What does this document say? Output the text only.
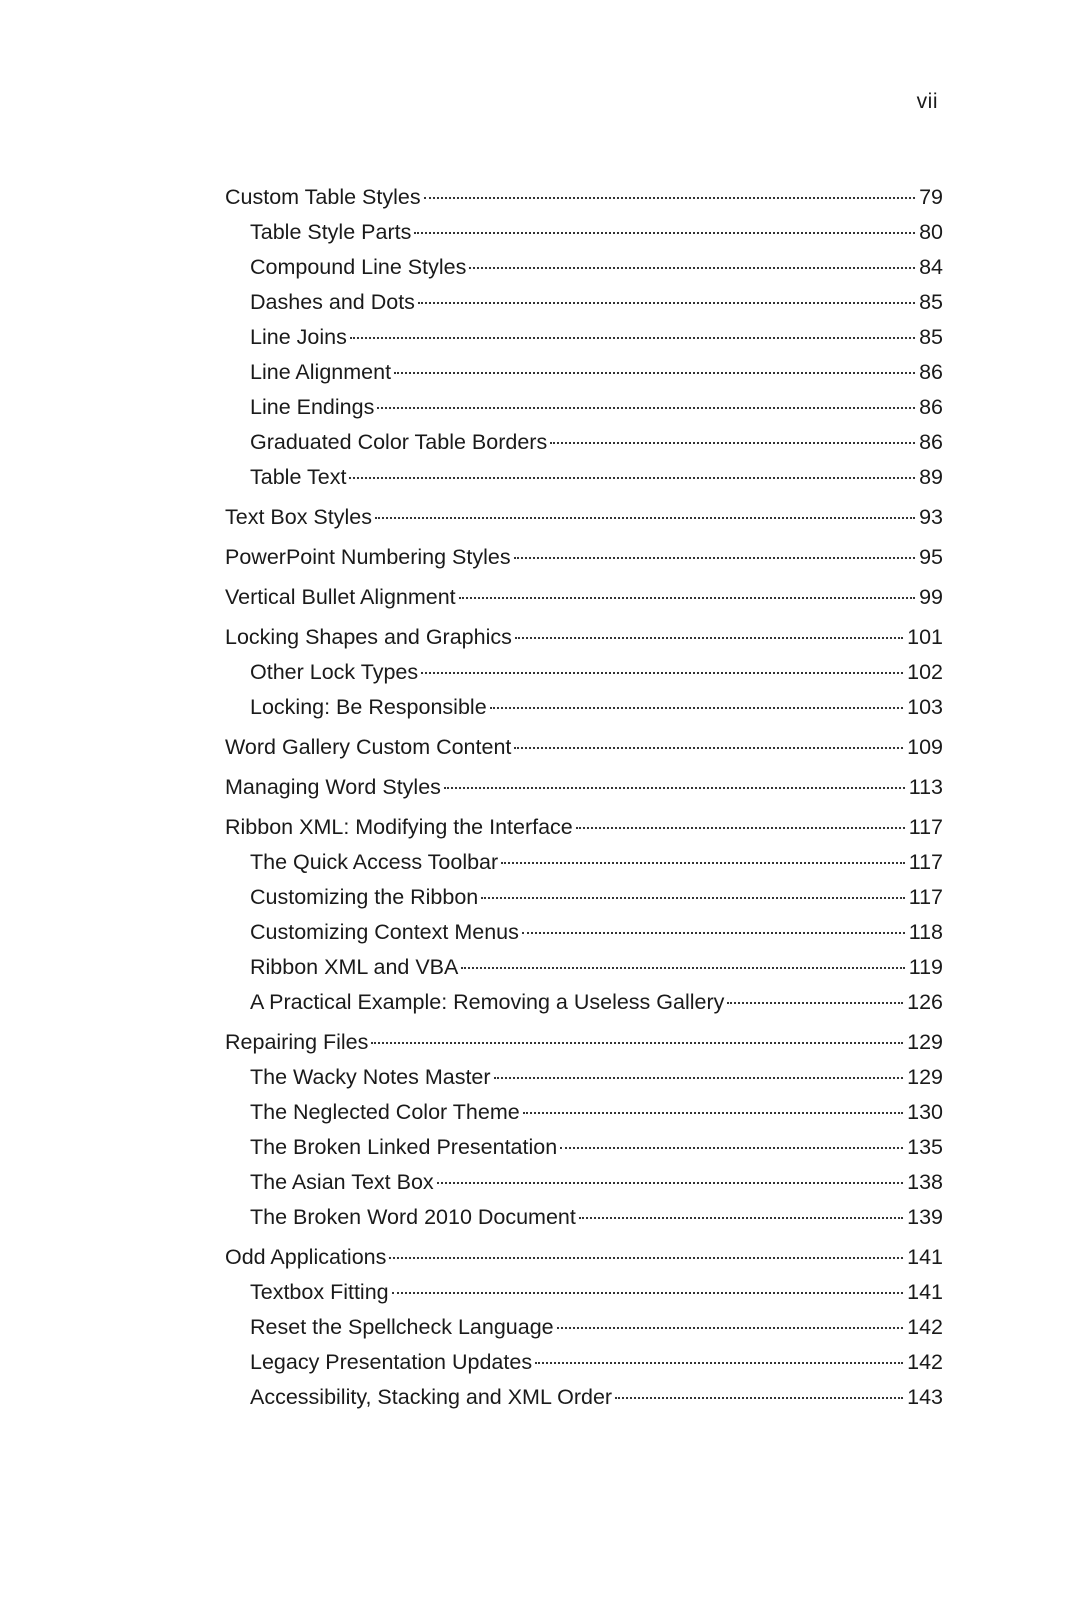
vii
Custom Table Styles	79
Table Style Parts	80
Compound Line Styles	84
Dashes and Dots	85
Line Joins	85
Line Alignment	86
Line Endings	86
Graduated Color Table Borders	86
Table Text	89
Text Box Styles	93
PowerPoint Numbering Styles	95
Vertical Bullet Alignment	99
Locking Shapes and Graphics	101
Other Lock Types	102
Locking: Be Responsible	103
Word Gallery Custom Content	109
Managing Word Styles	113
Ribbon XML: Modifying the Interface	117
The Quick Access Toolbar	117
Customizing the Ribbon	117
Customizing Context Menus	118
Ribbon XML and VBA	119
A Practical Example: Removing a Useless Gallery	126
Repairing Files	129
The Wacky Notes Master	129
The Neglected Color Theme	130
The Broken Linked Presentation	135
The Asian Text Box	138
The Broken Word 2010 Document	139
Odd Applications	141
Textbox Fitting	141
Reset the Spellcheck Language	142
Legacy Presentation Updates	142
Accessibility, Stacking and XML Order	143
